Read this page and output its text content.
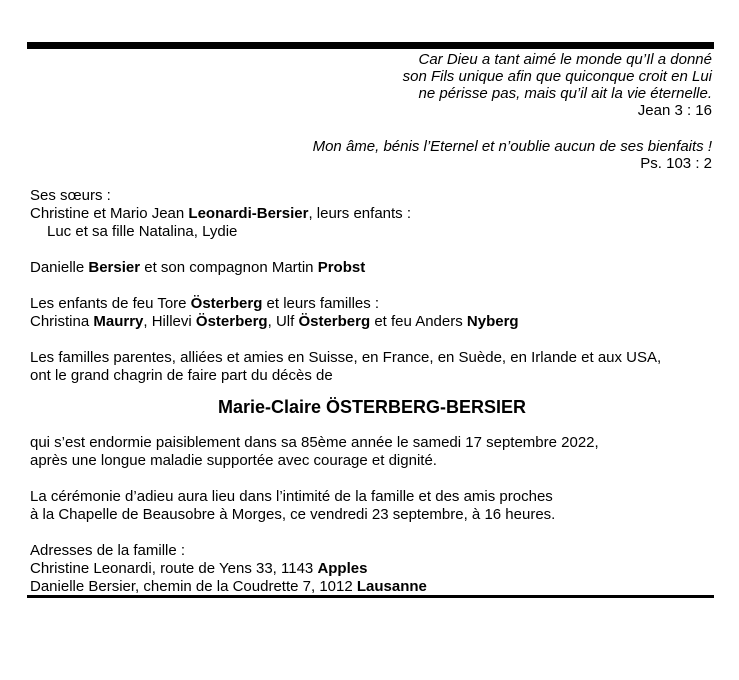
Car Dieu a tant aimé le monde qu’Il a donné
son Fils unique afin que quiconque croit en Lui
ne périsse pas, mais qu’il ait la vie éternelle.
Jean 3 : 16
Mon âme, bénis l’Eternel et n’oublie aucun de ses bienfaits !
Ps. 103 : 2
Ses sœurs :
Christine et Mario Jean Leonardi-Bersier, leurs enfants :
Luc et sa fille Natalina, Lydie
Danielle Bersier et son compagnon Martin Probst
Les enfants de feu Tore Österberg et leurs familles :
Christina Maurry, Hillevi Österberg, Ulf Österberg et feu Anders Nyberg
Les familles parentes, alliées et amies en Suisse, en France, en Suède, en Irlande et aux USA,
ont le grand chagrin de faire part du décès de
Marie-Claire ÖSTERBERG-BERSIER
qui s’est endormie paisiblement dans sa 85ème année le samedi 17 septembre 2022,
après une longue maladie supportée avec courage et dignité.
La cérémonie d’adieu aura lieu dans l’intimité de la famille et des amis proches
à la Chapelle de Beausobre à Morges, ce vendredi 23 septembre, à 16 heures.
Adresses de la famille :
Christine Leonardi, route de Yens 33, 1143 Apples
Danielle Bersier, chemin de la Coudrette 7, 1012 Lausanne
